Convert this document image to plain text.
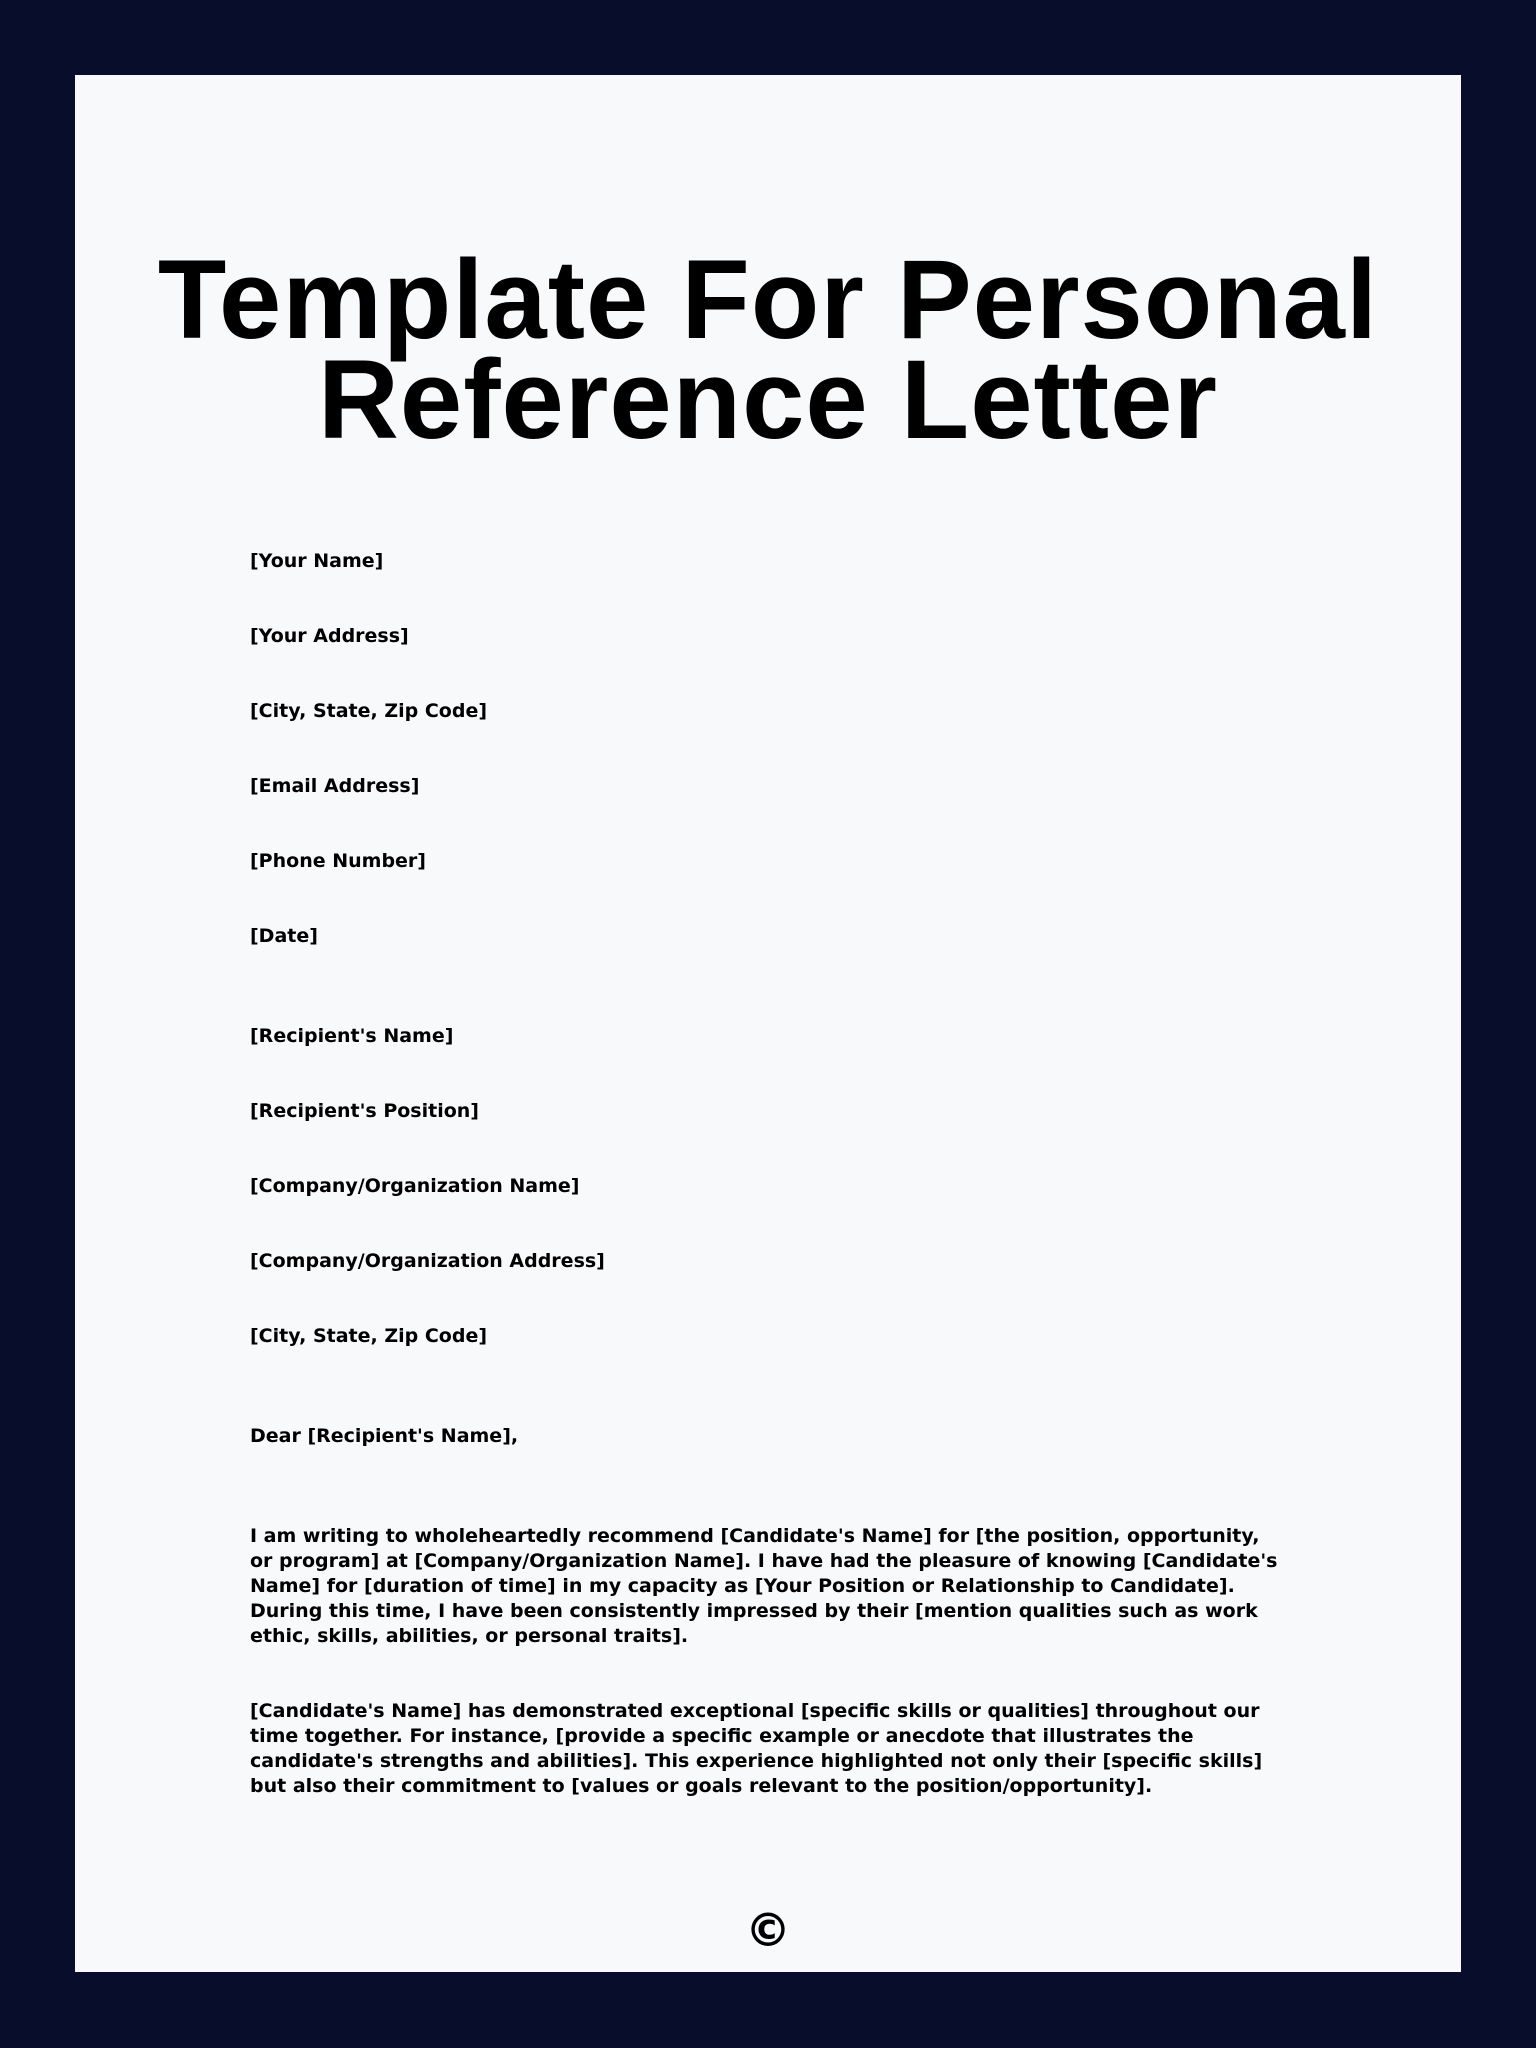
Template For Personal
Reference Letter

[Your Name]

[Your Address]

[City, State, Zip Code]

[Email Address]

[Phone Number]

[Date]

[Recipient's Name]

[Recipient's Position]

[Company/Organization Name]

[Company/Organization Address]

[City, State, Zip Code]

Dear [Recipient's Name],

I am writing to wholeheartedly recommend [Candidate's Name] for [the position, opportunity, or program] at [Company/Organization Name]. I have had the pleasure of knowing [Candidate's Name] for [duration of time] in my capacity as [Your Position or Relationship to Candidate]. During this time, I have been consistently impressed by their [mention qualities such as work ethic, skills, abilities, or personal traits].

[Candidate's Name] has demonstrated exceptional [specific skills or qualities] throughout our time together. For instance, [provide a specific example or anecdote that illustrates the candidate's strengths and abilities]. This experience highlighted not only their [specific skills] but also their commitment to [values or goals relevant to the position/opportunity].

©
